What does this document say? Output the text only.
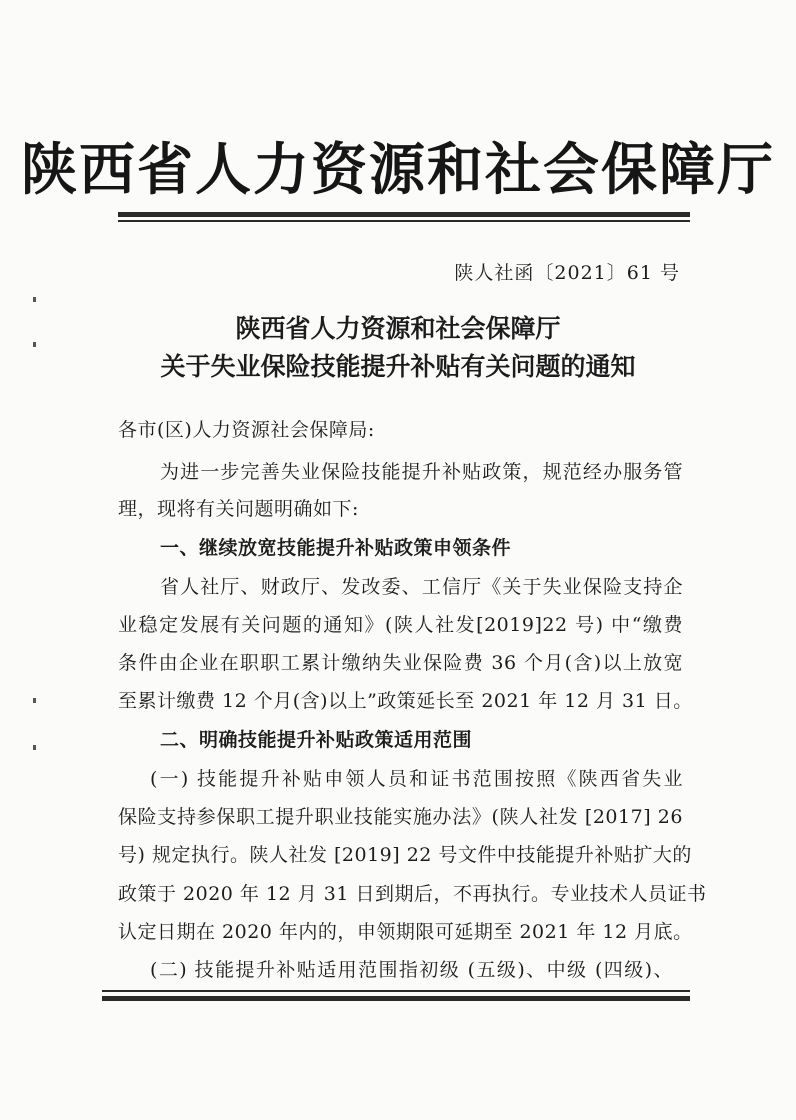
陕西省人力资源和社会保障厅
陕人社函〔2021〕61 号
陕西省人力资源和社会保障厅
关于失业保险技能提升补贴有关问题的通知
各市(区)人力资源社会保障局:
为进一步完善失业保险技能提升补贴政策，规范经办服务管
理，现将有关问题明确如下:
一、继续放宽技能提升补贴政策申领条件
省人社厅、财政厅、发改委、工信厅《关于失业保险支持企
业稳定发展有关问题的通知》(陕人社发[2019]22 号) 中“缴费
条件由企业在职职工累计缴纳失业保险费 36 个月(含)以上放宽
至累计缴费 12 个月(含)以上”政策延长至 2021 年 12 月 31 日。
二、明确技能提升补贴政策适用范围
(一) 技能提升补贴申领人员和证书范围按照《陕西省失业
保险支持参保职工提升职业技能实施办法》(陕人社发 [2017] 26
号) 规定执行。陕人社发 [2019] 22 号文件中技能提升补贴扩大的
政策于 2020 年 12 月 31 日到期后，不再执行。专业技术人员证书
认定日期在 2020 年内的，申领期限可延期至 2021 年 12 月底。
(二) 技能提升补贴适用范围指初级 (五级)、中级 (四级)、
